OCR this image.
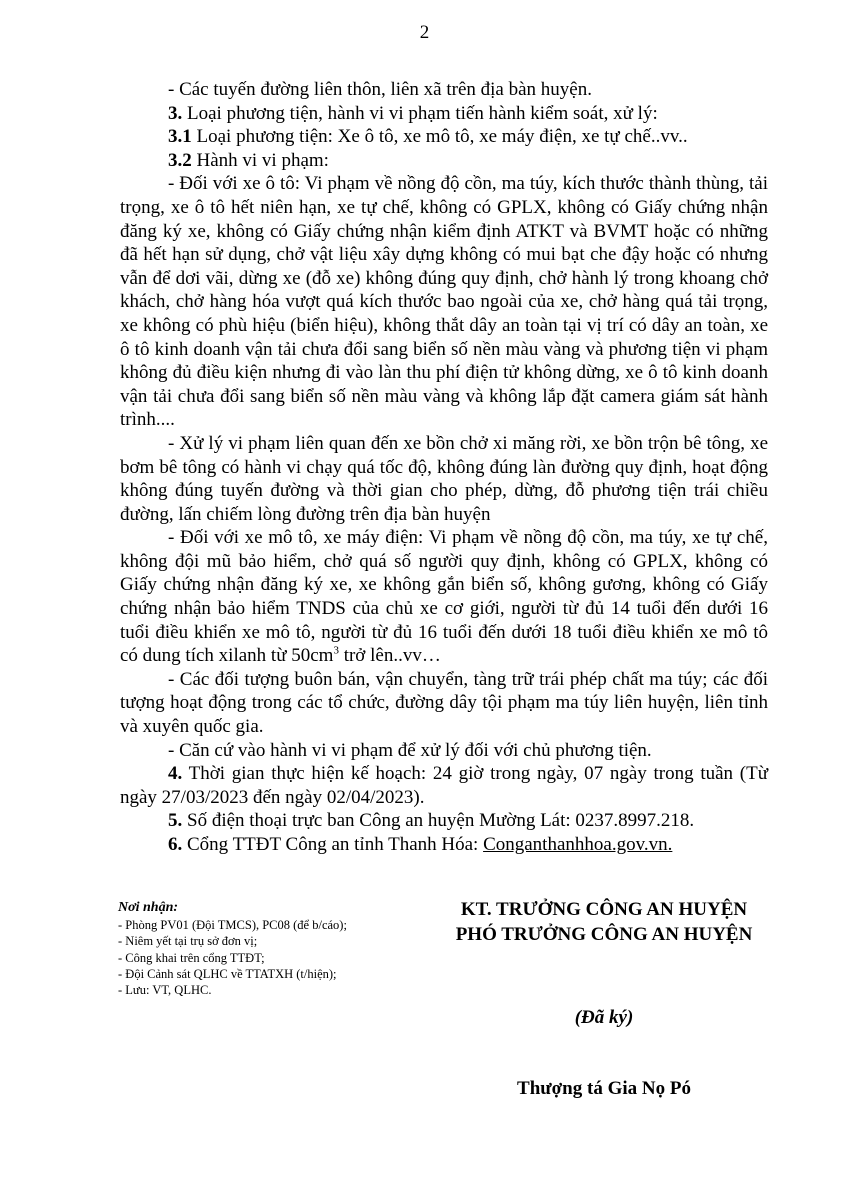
2

- Các tuyến đường liên thôn, liên xã trên địa bàn huyện.

3. Loại phương tiện, hành vi vi phạm tiến hành kiểm soát, xử lý:

3.1 Loại phương tiện: Xe ô tô, xe mô tô, xe máy điện, xe tự chế..vv..

3.2 Hành vi vi phạm:

- Đối với xe ô tô: Vi phạm về nồng độ cồn, ma túy, kích thước thành thùng, tải trọng, xe ô tô hết niên hạn, xe tự chế, không có GPLX, không có Giấy chứng nhận đăng ký xe, không có Giấy chứng nhận kiểm định ATKT và BVMT hoặc có những đã hết hạn sử dụng, chở vật liệu xây dựng không có mui bạt che đậy hoặc có nhưng vẫn để dơi vãi, dừng xe (đỗ xe) không đúng quy định, chở hành lý trong khoang chở khách, chở hàng hóa vượt quá kích thước bao ngoài của xe, chở hàng quá tải trọng, xe không có phù hiệu (biển hiệu), không thắt dây an toàn tại vị trí có dây an toàn, xe ô tô kinh doanh vận tải chưa đổi sang biển số nền màu vàng và phương tiện vi phạm không đủ điều kiện nhưng đi vào làn thu phí điện tử không dừng, xe ô tô kinh doanh vận tải chưa đổi sang biển số nền màu vàng và không lắp đặt camera giám sát hành trình....

- Xử lý vi phạm liên quan đến xe bồn chở xi măng rời, xe bồn trộn bê tông, xe bơm bê tông có hành vi chạy quá tốc độ, không đúng làn đường quy định, hoạt động không đúng tuyến đường và thời gian cho phép, dừng, đỗ phương tiện trái chiều đường, lấn chiếm lòng đường trên địa bàn huyện

- Đối với xe mô tô, xe máy điện: Vi phạm về nồng độ cồn, ma túy, xe tự chế, không đội mũ bảo hiểm, chở quá số người quy định, không có GPLX, không có Giấy chứng nhận đăng ký xe, xe không gắn biển số, không gương, không có Giấy chứng nhận bảo hiểm TNDS của chủ xe cơ giới, người từ đủ 14 tuổi đến dưới 16 tuổi điều khiển xe mô tô, người từ đủ 16 tuổi đến dưới 18 tuổi điều khiển xe mô tô có dung tích xilanh từ $50cm^3$ trở lên..vv…

- Các đối tượng buôn bán, vận chuyển, tàng trữ trái phép chất ma túy; các đối tượng hoạt động trong các tổ chức, đường dây tội phạm ma túy liên huyện, liên tỉnh và xuyên quốc gia.

- Căn cứ vào hành vi vi phạm để xử lý đối với chủ phương tiện.

4. Thời gian thực hiện kế hoạch: 24 giờ trong ngày, 07 ngày trong tuần (Từ ngày 27/03/2023 đến ngày 02/04/2023).

5. Số điện thoại trực ban Công an huyện Mường Lát: 0237.8997.218.

6. Cổng TTĐT Công an tỉnh Thanh Hóa: Conganthanhhoa.gov.vn.

Nơi nhận:
- Phòng PV01 (Đội TMCS), PC08 (để b/cáo);
- Niêm yết tại trụ sở đơn vị;
- Công khai trên cổng TTĐT;
- Đội Cảnh sát QLHC về TTATXH (t/hiện);
- Lưu: VT, QLHC.
KT. TRƯỞNG CÔNG AN HUYỆN
PHÓ TRƯỞNG CÔNG AN HUYỆN
(Đã ký)
Thượng tá Gia Nọ Pó
